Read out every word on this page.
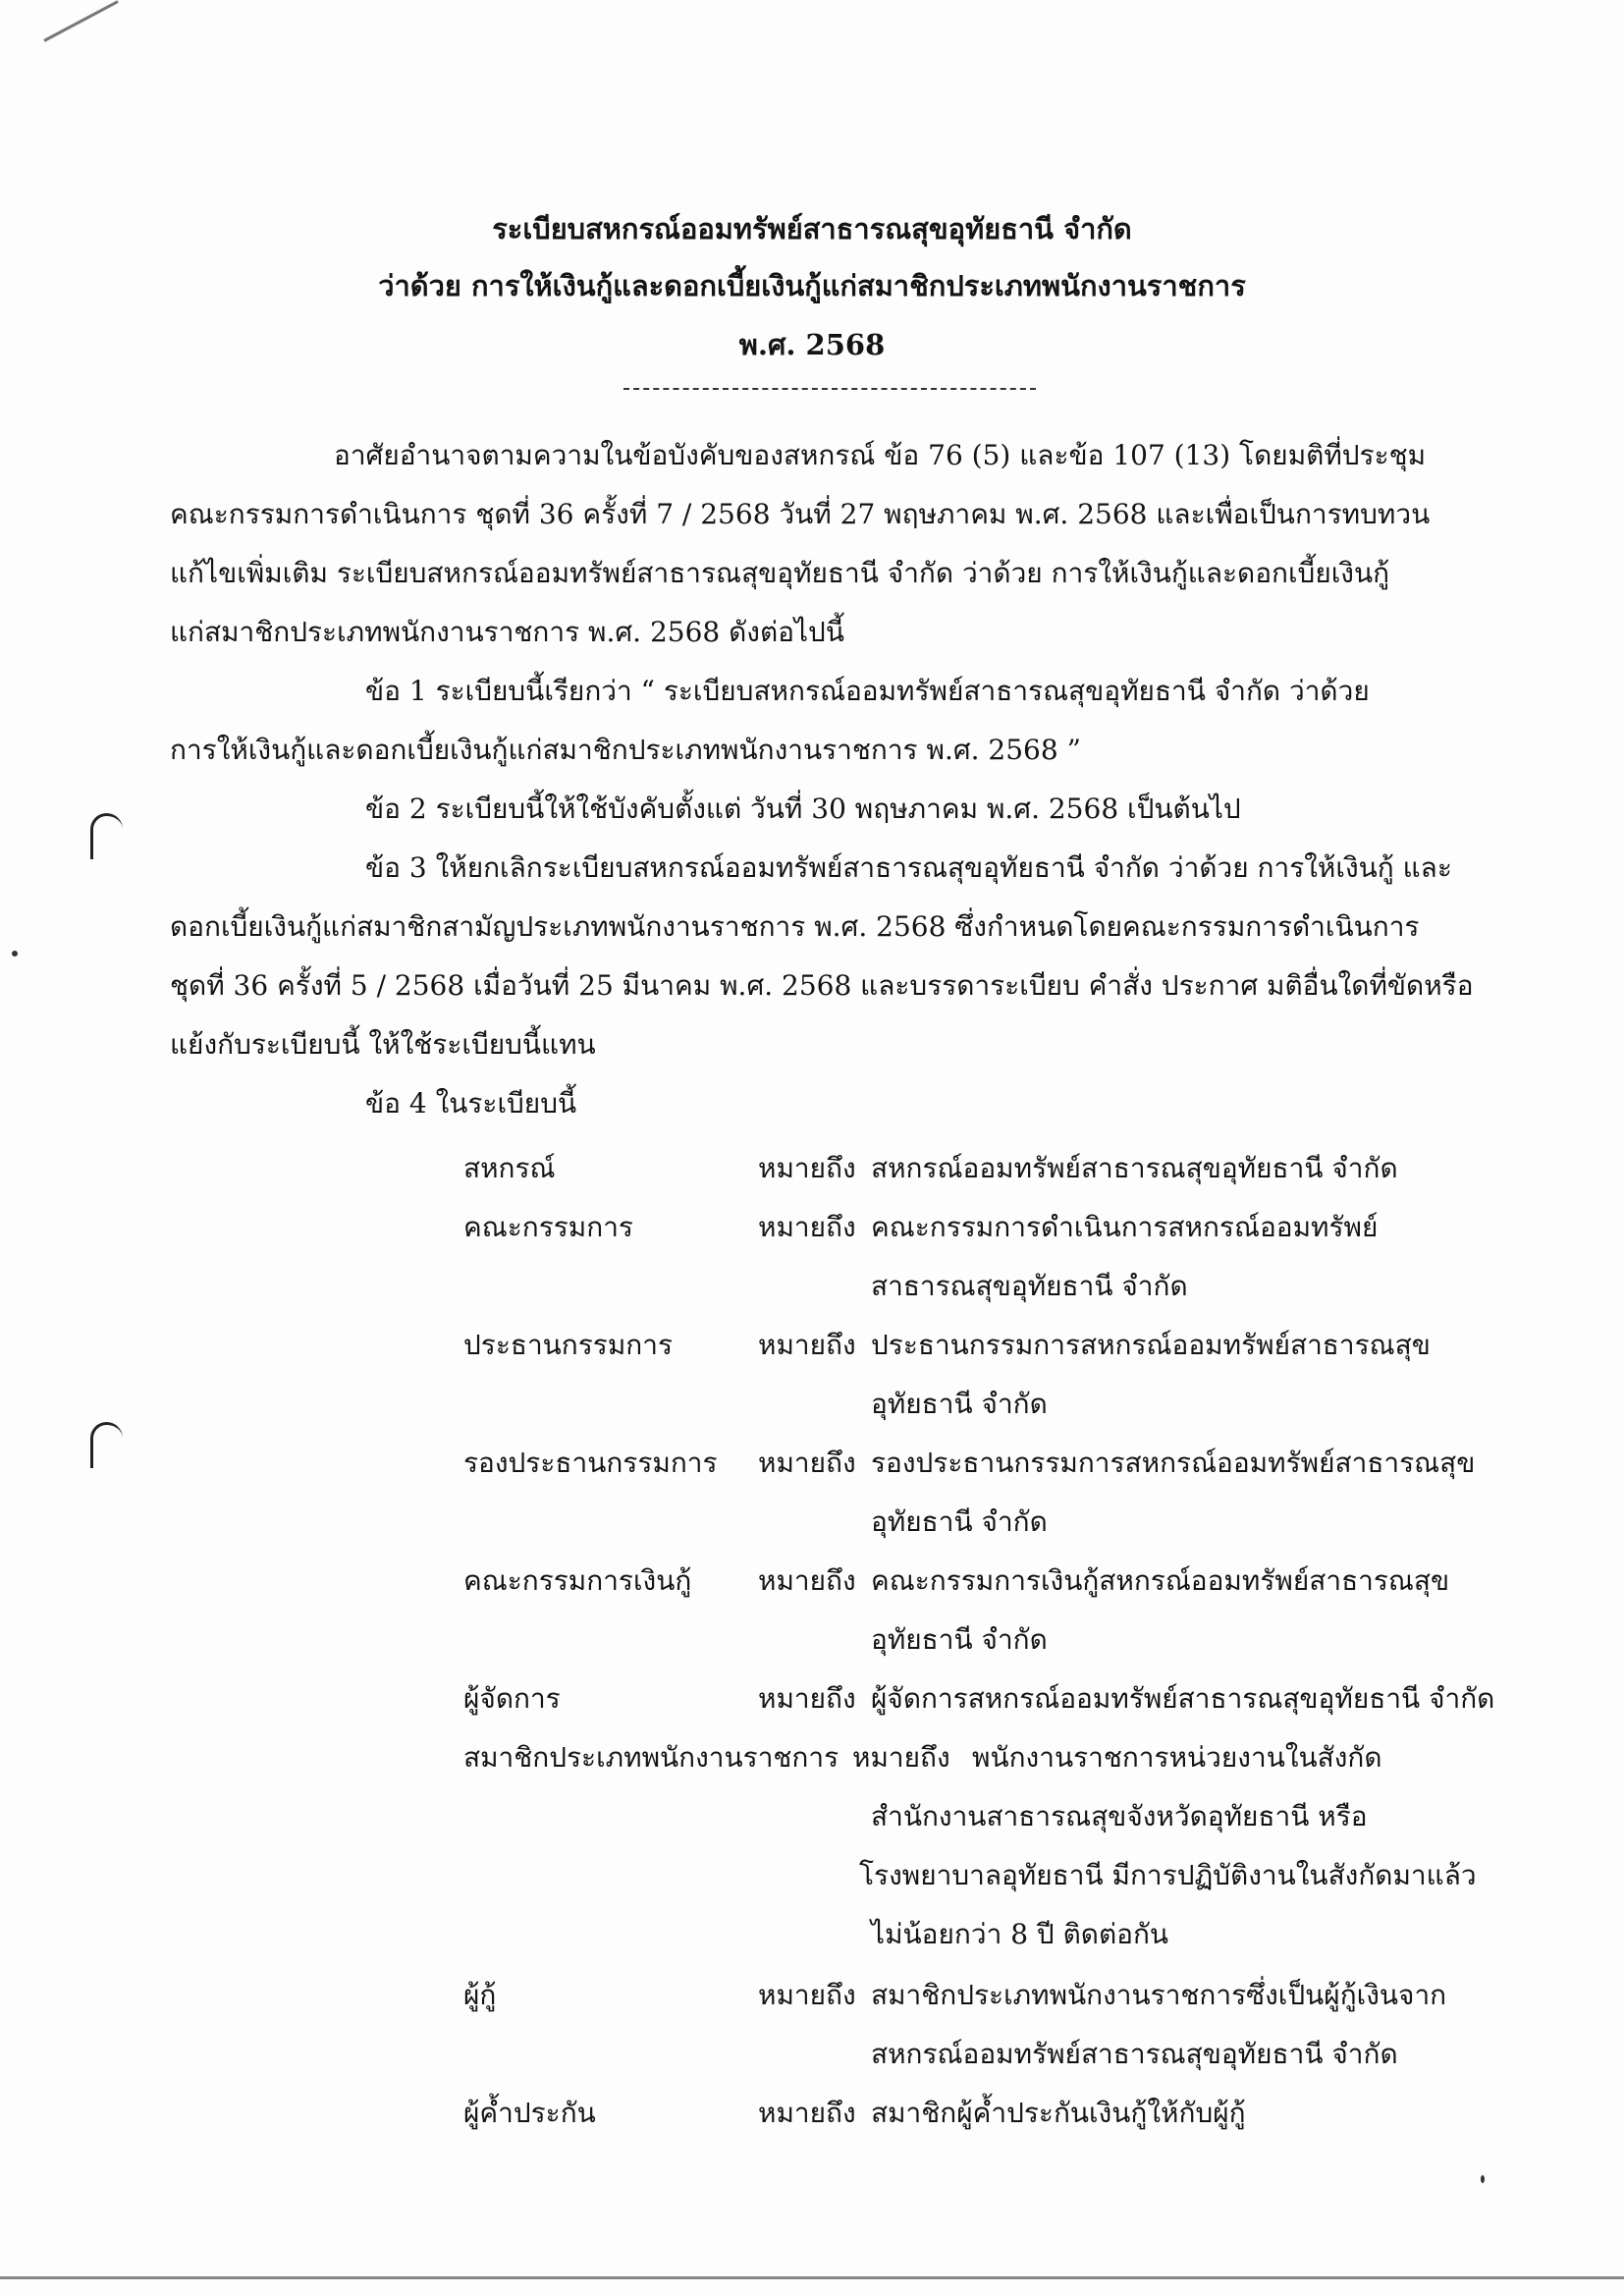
ระเบียบสหกรณ์ออมทรัพย์สาธารณสุขอุทัยธานี จำกัด
ว่าด้วย การให้เงินกู้และดอกเบี้ยเงินกู้แก่สมาชิกประเภทพนักงานราชการ
พ.ศ. 2568
อาศัยอำนาจตามความในข้อบังคับของสหกรณ์ ข้อ 76 (5) และข้อ 107 (13) โดยมติที่ประชุม
คณะกรรมการดำเนินการ ชุดที่ 36 ครั้งที่ 7 / 2568 วันที่ 27 พฤษภาคม พ.ศ. 2568 และเพื่อเป็นการทบทวน
แก้ไขเพิ่มเติม ระเบียบสหกรณ์ออมทรัพย์สาธารณสุขอุทัยธานี จำกัด ว่าด้วย การให้เงินกู้และดอกเบี้ยเงินกู้
แก่สมาชิกประเภทพนักงานราชการ พ.ศ. 2568 ดังต่อไปนี้
ข้อ 1 ระเบียบนี้เรียกว่า “ ระเบียบสหกรณ์ออมทรัพย์สาธารณสุขอุทัยธานี จำกัด ว่าด้วย
การให้เงินกู้และดอกเบี้ยเงินกู้แก่สมาชิกประเภทพนักงานราชการ พ.ศ. 2568 ”
ข้อ 2 ระเบียบนี้ให้ใช้บังคับตั้งแต่ วันที่ 30 พฤษภาคม พ.ศ. 2568 เป็นต้นไป
ข้อ 3 ให้ยกเลิกระเบียบสหกรณ์ออมทรัพย์สาธารณสุขอุทัยธานี จำกัด ว่าด้วย การให้เงินกู้ และ
ดอกเบี้ยเงินกู้แก่สมาชิกสามัญประเภทพนักงานราชการ พ.ศ. 2568 ซึ่งกำหนดโดยคณะกรรมการดำเนินการ
ชุดที่ 36 ครั้งที่ 5 / 2568 เมื่อวันที่ 25 มีนาคม พ.ศ. 2568 และบรรดาระเบียบ คำสั่ง ประกาศ มติอื่นใดที่ขัดหรือ
แย้งกับระเบียบนี้ ให้ใช้ระเบียบนี้แทน
ข้อ 4 ในระเบียบนี้
สหกรณ์	หมายถึง สหกรณ์ออมทรัพย์สาธารณสุขอุทัยธานี จำกัด
คณะกรรมการ	หมายถึง คณะกรรมการดำเนินการสหกรณ์ออมทรัพย์
สาธารณสุขอุทัยธานี จำกัด
ประธานกรรมการ	หมายถึง ประธานกรรมการสหกรณ์ออมทรัพย์สาธารณสุข
อุทัยธานี จำกัด
รองประธานกรรมการ หมายถึง รองประธานกรรมการสหกรณ์ออมทรัพย์สาธารณสุข
อุทัยธานี จำกัด
คณะกรรมการเงินกู้ หมายถึง คณะกรรมการเงินกู้สหกรณ์ออมทรัพย์สาธารณสุข
อุทัยธานี จำกัด
ผู้จัดการ	หมายถึง ผู้จัดการสหกรณ์ออมทรัพย์สาธารณสุขอุทัยธานี จำกัด
สมาชิกประเภทพนักงานราชการ หมายถึง พนักงานราชการหน่วยงานในสังกัด
สำนักงานสาธารณสุขจังหวัดอุทัยธานี หรือ
โรงพยาบาลอุทัยธานี มีการปฏิบัติงานในสังกัดมาแล้ว
ไม่น้อยกว่า 8 ปี ติดต่อกัน
ผู้กู้	หมายถึง สมาชิกประเภทพนักงานราชการซึ่งเป็นผู้กู้เงินจาก
สหกรณ์ออมทรัพย์สาธารณสุขอุทัยธานี จำกัด
ผู้ค้ำประกัน	หมายถึง สมาชิกผู้ค้ำประกันเงินกู้ให้กับผู้กู้
